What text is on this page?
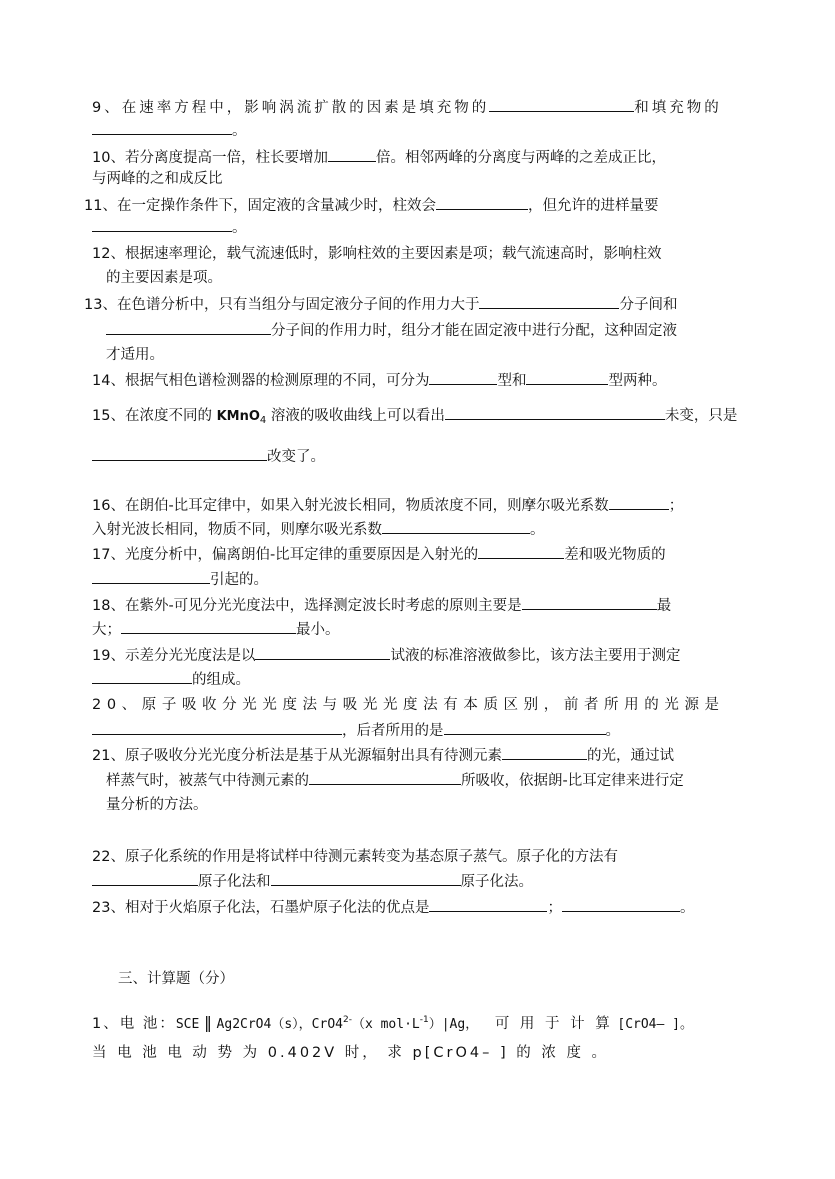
9、在速率方程中，影响涡流扩散的因素是填充物的	和填充物的
。
10、若分离度提高一倍，柱长要增加	倍。相邻两峰的分离度与两峰的之差成正比，
与两峰的之和成反比
11、在一定操作条件下，固定液的含量减少时，柱效会	，但允许的进样量要
。
12、根据速率理论，载气流速低时，影响柱效的主要因素是项；载气流速高时，影响柱效
的主要因素是项。
13、在色谱分析中，只有当组分与固定液分子间的作用力大于	分子间和
分子间的作用力时，组分才能在固定液中进行分配，这种固定液
才适用。
14、根据气相色谱检测器的检测原理的不同，可分为	型和	型两种。
15、在浓度不同的 KMnO$_4$ 溶液的吸收曲线上可以看出	未变，只是
改变了。
16、在朗伯-比耳定律中，如果入射光波长相同，物质浓度不同，则摩尔吸光系数	；
入射光波长相同，物质不同，则摩尔吸光系数	。
17、光度分析中，偏离朗伯-比耳定律的重要原因是入射光的	差和吸光物质的
引起的。
18、在紫外-可见分光光度法中，选择测定波长时考虑的原则主要是	最
大；	最小。
19、示差分光光度法是以	试液的标准溶液做参比，该方法主要用于测定
的组成。
20、原子吸收分光光度法与吸光光度法有本质区别，前者所用的光源是
，后者所用的是	。
21、原子吸收分光光度分析法是基于从光源辐射出具有待测元素	的光，通过试
样蒸气时，被蒸气中待测元素的	所吸收，依据朗-比耳定律来进行定
量分析的方法。
22、原子化系统的作用是将试样中待测元素转变为基态原子蒸气。原子化的方法有
原子化法和	原子化法。
23、相对于火焰原子化法，石墨炉原子化法的优点是	；	。
三、计算题（分）
1、电 池：SCE ‖ Ag2CrO4（s），$CrO4^{2-}(x$ $mol\cdot L^{-1})|Ag$， 可 用 于 计 算 [CrO4– ]。
当 电 池 电 动 势 为 0.402V 时， 求 p[CrO4– ] 的 浓 度 。
